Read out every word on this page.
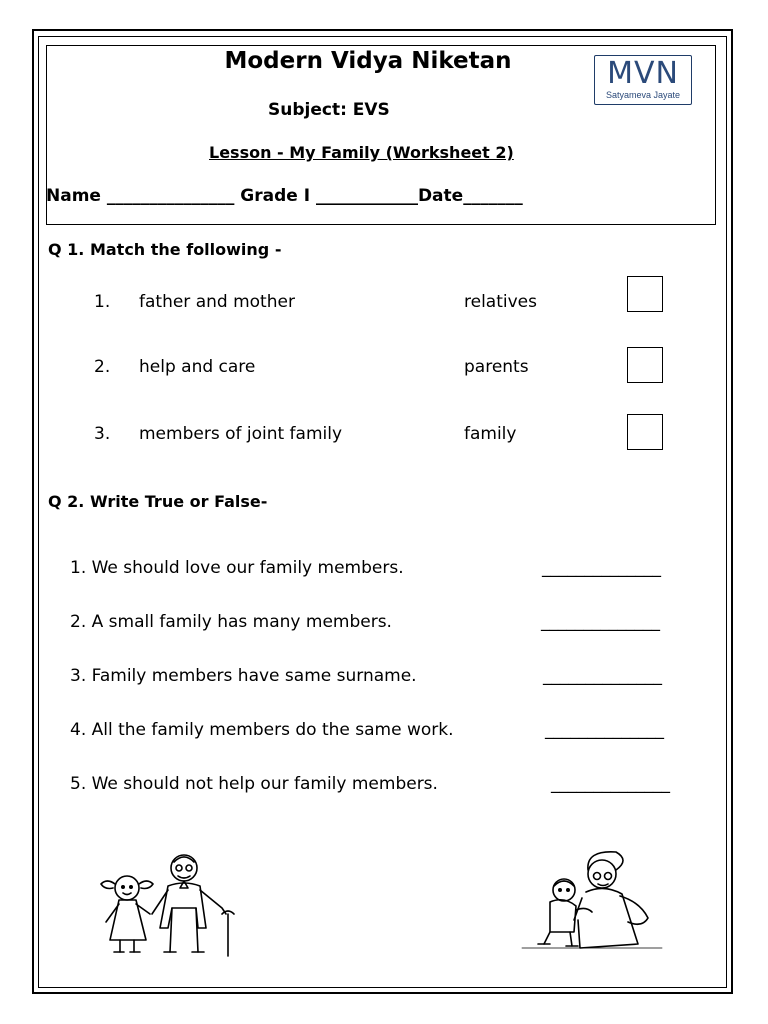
Modern Vidya Niketan	MVN
Satyameva Jayate
Subject: EVS
Lesson - My Family (Worksheet 2)
Name _______________ Grade I ____________Date_______
Q 1. Match the following -
1. father and mother	relatives
2. help and care	parents
3. members of joint family	family
Q 2. Write True or False-
1. We should love our family members.	______________
2. A small family has many members.	______________
3. Family members have same surname.	______________
4. All the family members do the same work.	______________
5. We should not help our family members.	______________
